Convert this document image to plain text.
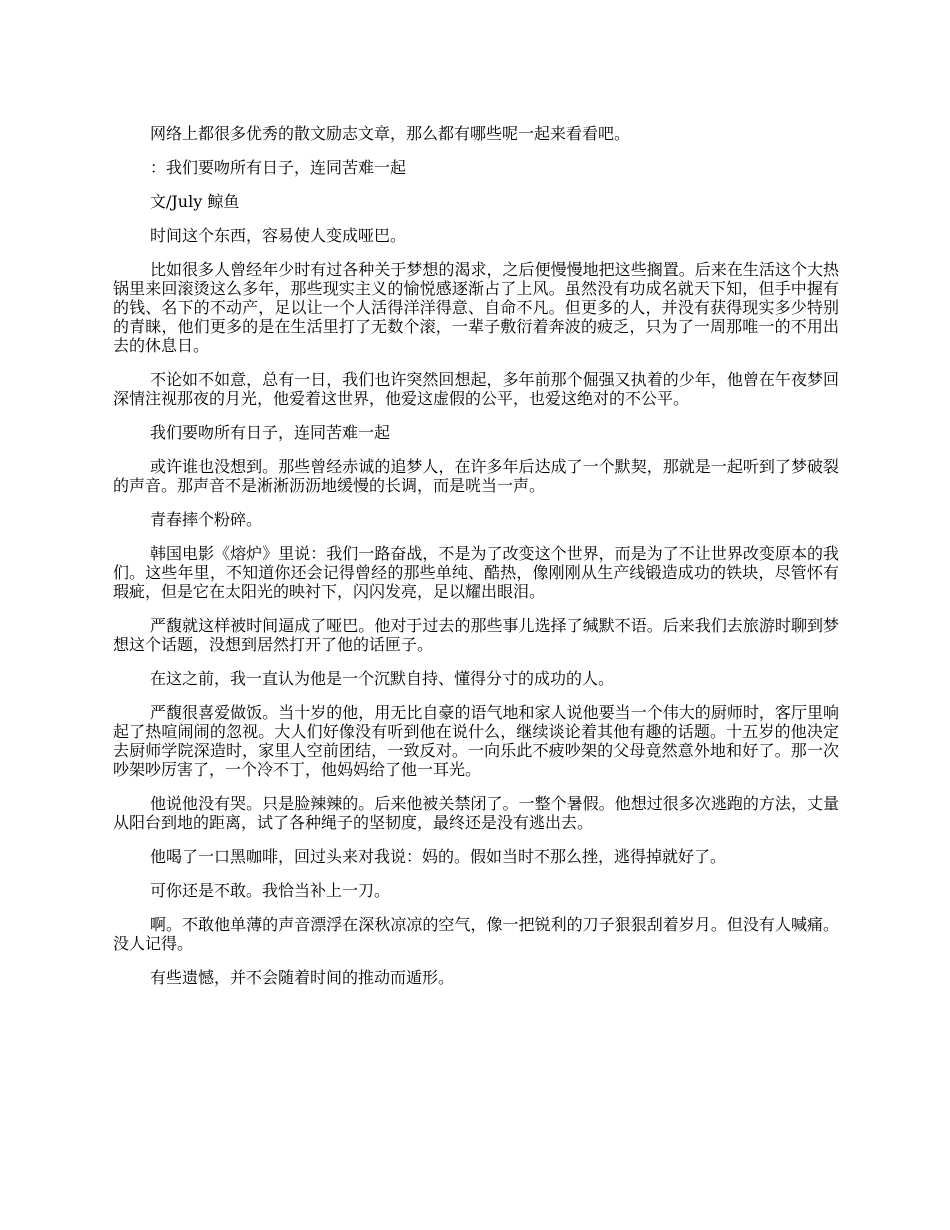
网络上都很多优秀的散文励志文章，那么都有哪些呢一起来看看吧。

：我们要吻所有日子，连同苦难一起

文/July 鲸鱼

时间这个东西，容易使人变成哑巴。

比如很多人曾经年少时有过各种关于梦想的渴求，之后便慢慢地把这些搁置。后来在生活这个大热锅里来回滚烫这么多年，那些现实主义的愉悦感逐渐占了上风。虽然没有功成名就天下知，但手中握有的钱、名下的不动产，足以让一个人活得洋洋得意、自命不凡。但更多的人，并没有获得现实多少特别的青睐，他们更多的是在生活里打了无数个滚，一辈子敷衍着奔波的疲乏，只为了一周那唯一的不用出去的休息日。

不论如不如意，总有一日，我们也许突然回想起，多年前那个倔强又执着的少年，他曾在午夜梦回深情注视那夜的月光，他爱着这世界，他爱这虚假的公平，也爱这绝对的不公平。

我们要吻所有日子，连同苦难一起

或许谁也没想到。那些曾经赤诚的追梦人，在许多年后达成了一个默契，那就是一起听到了梦破裂的声音。那声音不是淅淅沥沥地缓慢的长调，而是咣当一声。

青春摔个粉碎。

韩国电影《熔炉》里说：我们一路奋战，不是为了改变这个世界，而是为了不让世界改变原本的我们。这些年里，不知道你还会记得曾经的那些单纯、酷热，像刚刚从生产线锻造成功的铁块，尽管怀有瑕疵，但是它在太阳光的映衬下，闪闪发亮，足以耀出眼泪。

严馥就这样被时间逼成了哑巴。他对于过去的那些事儿选择了缄默不语。后来我们去旅游时聊到梦想这个话题，没想到居然打开了他的话匣子。

在这之前，我一直认为他是一个沉默自持、懂得分寸的成功的人。

严馥很喜爱做饭。当十岁的他，用无比自豪的语气地和家人说他要当一个伟大的厨师时，客厅里响起了热喧闹闹的忽视。大人们好像没有听到他在说什么，继续谈论着其他有趣的话题。十五岁的他决定去厨师学院深造时，家里人空前团结，一致反对。一向乐此不疲吵架的父母竟然意外地和好了。那一次吵架吵厉害了，一个冷不丁，他妈妈给了他一耳光。

他说他没有哭。只是脸辣辣的。后来他被关禁闭了。一整个暑假。他想过很多次逃跑的方法，丈量从阳台到地的距离，试了各种绳子的坚韧度，最终还是没有逃出去。

他喝了一口黑咖啡，回过头来对我说：妈的。假如当时不那么挫，逃得掉就好了。

可你还是不敢。我恰当补上一刀。

啊。不敢他单薄的声音漂浮在深秋凉凉的空气，像一把锐利的刀子狠狠刮着岁月。但没有人喊痛。没人记得。

有些遗憾，并不会随着时间的推动而遁形。
